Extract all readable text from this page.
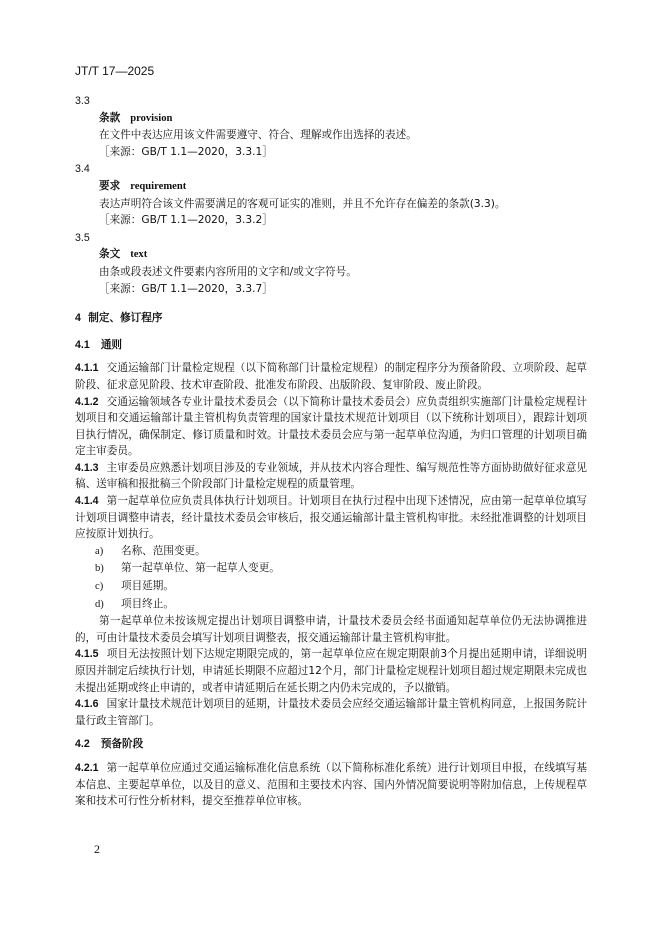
JT/T 17—2025

3.3

条款 provision

在文件中表达应用该文件需要遵守、符合、理解或作出选择的表述。

［来源：GB/T 1.1—2020，3.3.1］

3.4

要求 requirement

表达声明符合该文件需要满足的客观可证实的准则，并且不允许存在偏差的条款(3.3)。

［来源：GB/T 1.1—2020，3.3.2］

3.5

条文 text

由条或段表述文件要素内容所用的文字和/或文字符号。

［来源：GB/T 1.1—2020，3.3.7］

4 制定、修订程序

4.1 通则

4.1.1 交通运输部门计量检定规程（以下简称部门计量检定规程）的制定程序分为预备阶段、立项阶段、起草阶段、征求意见阶段、技术审查阶段、批准发布阶段、出版阶段、复审阶段、废止阶段。

4.1.2 交通运输领域各专业计量技术委员会（以下简称计量技术委员会）应负责组织实施部门计量检定规程计划项目和交通运输部计量主管机构负责管理的国家计量技术规范计划项目（以下统称计划项目），跟踪计划项目执行情况，确保制定、修订质量和时效。计量技术委员会应与第一起草单位沟通，为归口管理的计划项目确定主审委员。

4.1.3 主审委员应熟悉计划项目涉及的专业领域，并从技术内容合理性、编写规范性等方面协助做好征求意见稿、送审稿和报批稿三个阶段部门计量检定规程的质量管理。

4.1.4 第一起草单位应负责具体执行计划项目。计划项目在执行过程中出现下述情况，应由第一起草单位填写计划项目调整申请表，经计量技术委员会审核后，报交通运输部计量主管机构审批。未经批准调整的计划项目应按原计划执行。

a) 名称、范围变更。

b) 第一起草单位、第一起草人变更。

c) 项目延期。

d) 项目终止。

第一起草单位未按该规定提出计划项目调整申请，计量技术委员会经书面通知起草单位仍无法协调推进的，可由计量技术委员会填写计划项目调整表，报交通运输部计量主管机构审批。

4.1.5 项目无法按照计划下达规定期限完成的，第一起草单位应在规定期限前3个月提出延期申请，详细说明原因并制定后续执行计划，申请延长期限不应超过12个月，部门计量检定规程计划项目超过规定期限未完成也未提出延期或终止申请的，或者申请延期后在延长期之内仍未完成的，予以撤销。

4.1.6 国家计量技术规范计划项目的延期，计量技术委员会应经交通运输部计量主管机构同意，上报国务院计量行政主管部门。

4.2 预备阶段

4.2.1 第一起草单位应通过交通运输标准化信息系统（以下简称标准化系统）进行计划项目申报，在线填写基本信息、主要起草单位，以及目的意义、范围和主要技术内容、国内外情况简要说明等附加信息，上传规程草案和技术可行性分析材料，提交至推荐单位审核。

2
